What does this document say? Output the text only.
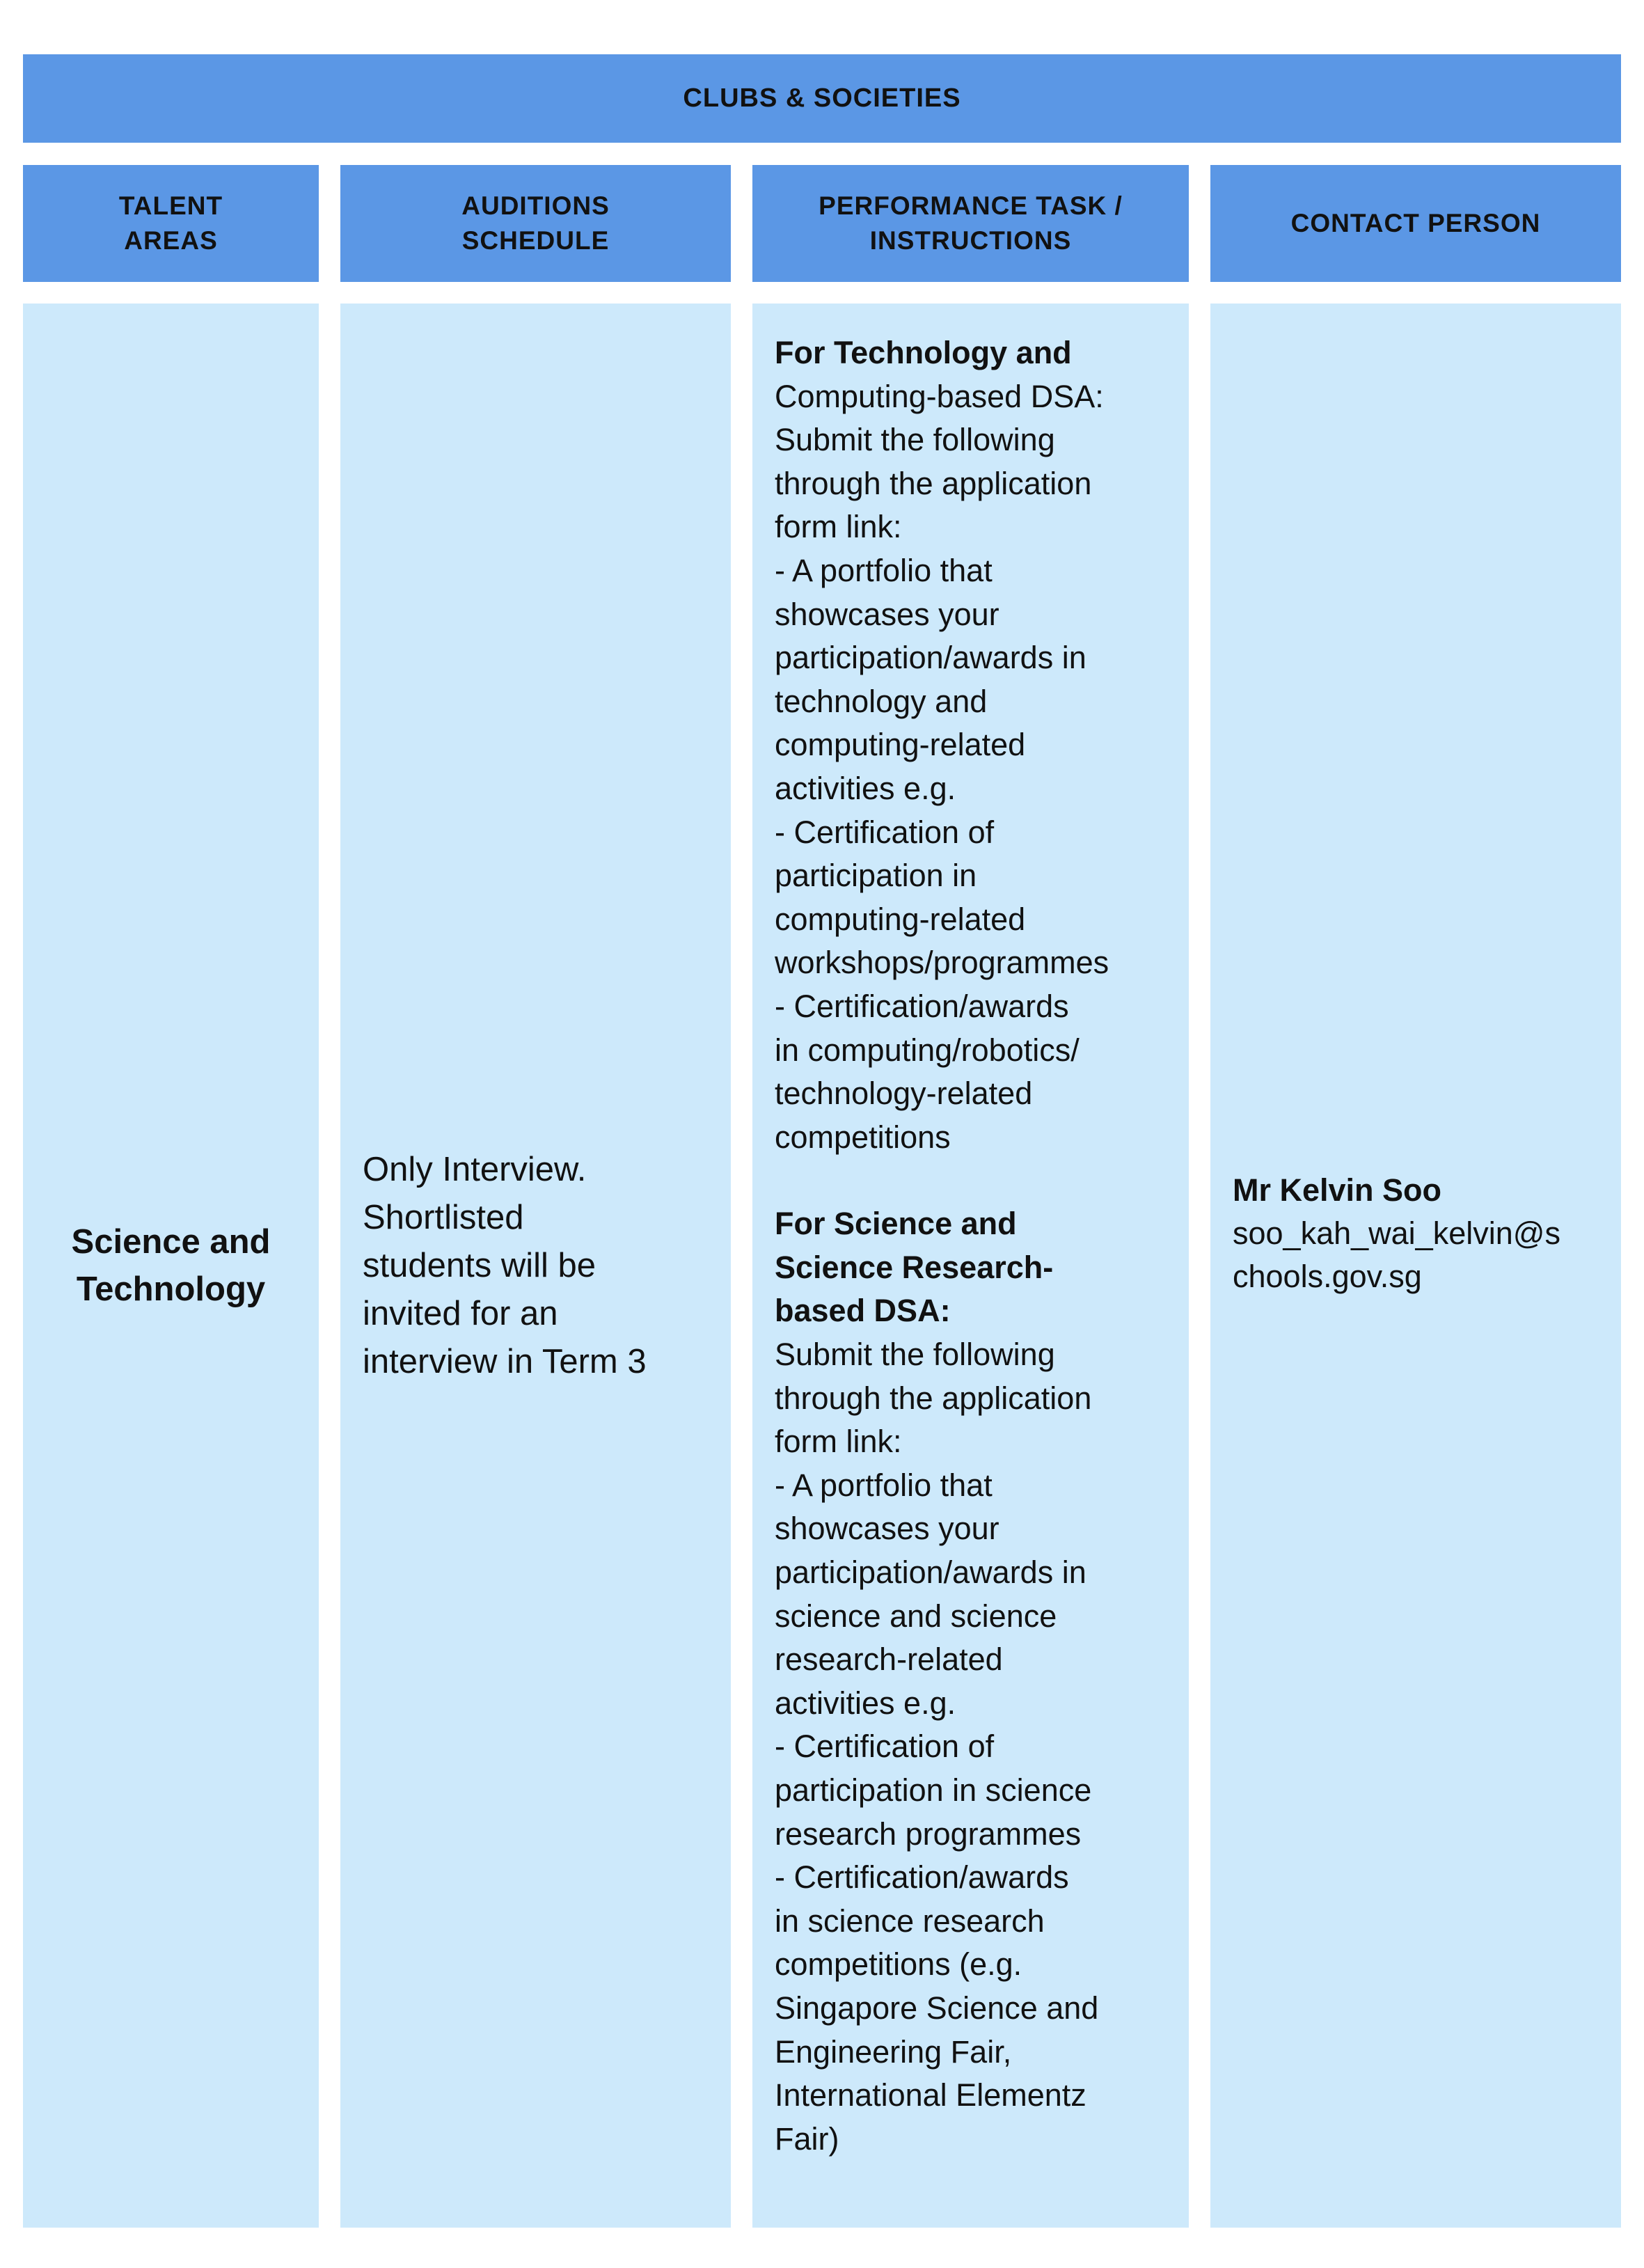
CLUBS & SOCIETIES
TALENT
AREAS
AUDITIONS
SCHEDULE
PERFORMANCE TASK /
INSTRUCTIONS
CONTACT PERSON
Science and
Technology
Only Interview.
Shortlisted
students will be
invited for an
interview in Term 3
For Technology and
Computing-based DSA:
Submit the following
through the application
form link:
- A portfolio that
showcases your
participation/awards in
technology and
computing-related
activities e.g.
- Certification of
participation in
computing-related
workshops/programmes
- Certification/awards
in computing/robotics/
technology-related
competitions
For Science and
Science Research-
based DSA:
Submit the following
through the application
form link:
- A portfolio that
showcases your
participation/awards in
science and science
research-related
activities e.g.
- Certification of
participation in science
research programmes
- Certification/awards
in science research
competitions (e.g.
Singapore Science and
Engineering Fair,
International Elementz
Fair)
Mr Kelvin Soo
soo_kah_wai_kelvin@s
chools.gov.sg
